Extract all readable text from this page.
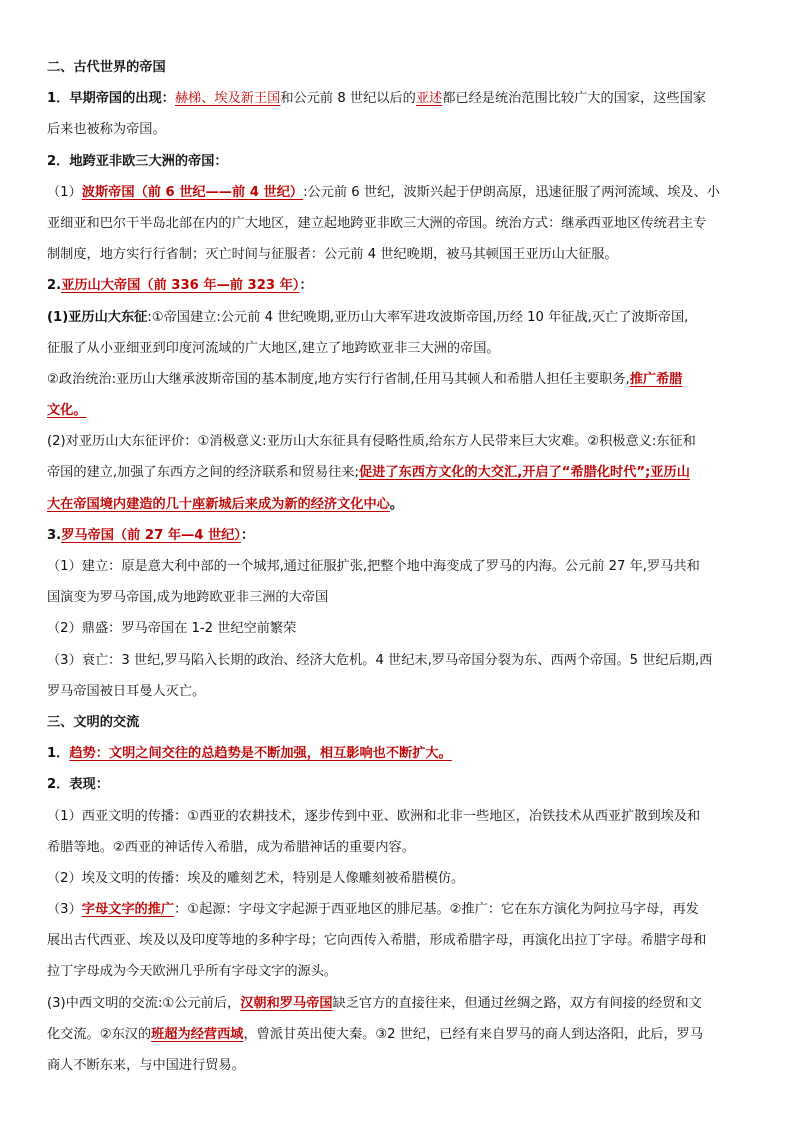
二、古代世界的帝国
1．早期帝国的出现：赫梯、埃及新王国和公元前 8 世纪以后的亚述都已经是统治范围比较广大的国家，这些国家
后来也被称为帝国。
2．地跨亚非欧三大洲的帝国：
（1）波斯帝国（前 6 世纪——前 4 世纪）:公元前 6 世纪，波斯兴起于伊朗高原，迅速征服了两河流域、埃及、小
亚细亚和巴尔干半岛北部在内的广大地区，建立起地跨亚非欧三大洲的帝国。统治方式：继承西亚地区传统君主专
制制度，地方实行行省制；灭亡时间与征服者：公元前 4 世纪晚期，被马其顿国王亚历山大征服。
2.亚历山大帝国（前 336 年—前 323 年）：
(1)亚历山大东征:①帝国建立:公元前 4 世纪晚期,亚历山大率军进攻波斯帝国,历经 10 年征战,灭亡了波斯帝国,
征服了从小亚细亚到印度河流域的广大地区,建立了地跨欧亚非三大洲的帝国。
②政治统治:亚历山大继承波斯帝国的基本制度,地方实行行省制,任用马其顿人和希腊人担任主要职务,推广希腊
文化。
(2)对亚历山大东征评价：①消极意义:亚历山大东征具有侵略性质,给东方人民带来巨大灾难。②积极意义:东征和
帝国的建立,加强了东西方之间的经济联系和贸易往来;促进了东西方文化的大交汇,开启了“希腊化时代”;亚历山
大在帝国境内建造的几十座新城后来成为新的经济文化中心。
3.罗马帝国（前 27 年—4 世纪）：
（1）建立：原是意大利中部的一个城邦,通过征服扩张,把整个地中海变成了罗马的内海。公元前 27 年,罗马共和
国演变为罗马帝国,成为地跨欧亚非三洲的大帝国
（2）鼎盛：罗马帝国在 1-2 世纪空前繁荣
（3）衰亡：3 世纪,罗马陷入长期的政治、经济大危机。4 世纪末,罗马帝国分裂为东、西两个帝国。5 世纪后期,西
罗马帝国被日耳曼人灭亡。
三、文明的交流
1．趋势：文明之间交往的总趋势是不断加强，相互影响也不断扩大。
2．表现：
（1）西亚文明的传播：①西亚的农耕技术，逐步传到中亚、欧洲和北非一些地区，冶铁技术从西亚扩散到埃及和
希腊等地。②西亚的神话传入希腊，成为希腊神话的重要内容。
（2）埃及文明的传播：埃及的雕刻艺术，特别是人像雕刻被希腊模仿。
（3）字母文字的推广：①起源：字母文字起源于西亚地区的腓尼基。②推广：它在东方演化为阿拉马字母，再发
展出古代西亚、埃及以及印度等地的多种字母；它向西传入希腊，形成希腊字母，再演化出拉丁字母。希腊字母和
拉丁字母成为今天欧洲几乎所有字母文字的源头。
(3)中西文明的交流:①公元前后，汉朝和罗马帝国缺乏官方的直接往来，但通过丝绸之路，双方有间接的经贸和文
化交流。②东汉的班超为经营西域，曾派甘英出使大秦。③2 世纪，已经有来自罗马的商人到达洛阳，此后，罗马
商人不断东来，与中国进行贸易。
